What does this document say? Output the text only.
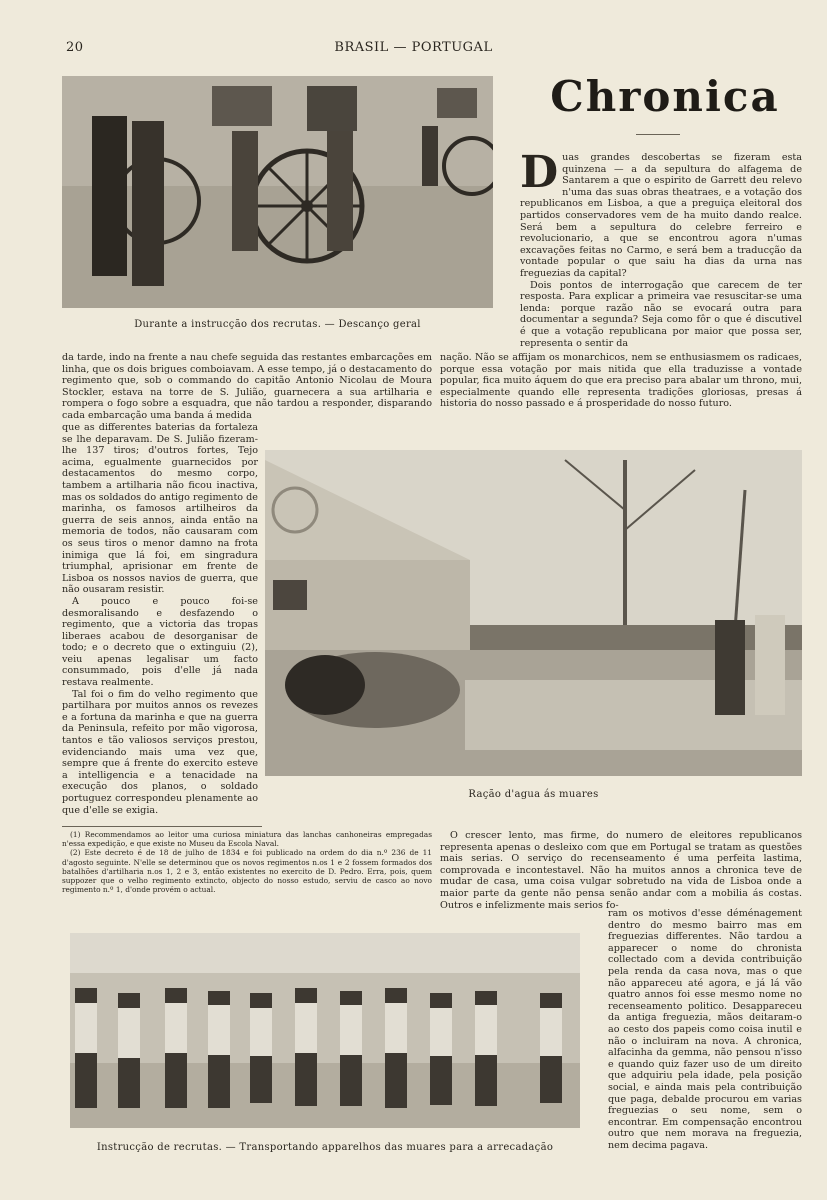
20	BRASIL — PORTUGAL
Durante a instrucção dos recrutas. — Descanço geral
Chronica
D uas grandes descobertas se fizeram esta quinzena — a da sepultura do alfagema de Santarem a que o espirito de Garrett deu relevo n'uma das suas obras theatraes, e a votação dos republicanos em Lisboa, a que a preguiça eleitoral dos partidos conservadores vem de ha muito dando realce. Será bem a sepultura do celebre ferreiro e revolucionario, a que se encontrou agora n'umas excavações feitas no Carmo, e será bem a traducção da vontade popular o que saiu ha dias da urna nas freguezias da capital?

Dois pontos de interrogação que carecem de ter resposta. Para explicar a primeira vae resuscitar-se uma lenda: porque razão não se evocará outra para documentar a segunda? Seja como fôr o que é discutivel é que a votação republicana por maior que possa ser, representa o sentir da

da tarde, indo na frente a nau chefe seguida das restantes embarcações em linha, que os dois brigues comboiavam. A esse tempo, já o destacamento do regimento que, sob o commando do capitão Antonio Nicolau de Moura Stockler, estava na torre de S. Julião, guarnecera a sua artilharia e rompera o fogo sobre a esquadra, que não tardou a responder, disparando cada embarcação uma banda á medida

nação. Não se affijam os monarchicos, nem se enthusiasmem os radicaes, porque essa votação por mais nitida que ella traduzisse a vontade popular, fica muito áquem do que era preciso para abalar um throno, mui, especialmente quando elle representa tradições gloriosas, presas á historia do nosso passado e á prosperidade do nosso futuro.

que as differentes baterias da fortaleza se lhe deparavam. De S. Julião fizeram-lhe 137 tiros; d'outros fortes, Tejo acima, egualmente guarnecidos por destacamentos do mesmo corpo, tambem a artilharia não ficou inactiva, mas os soldados do antigo regimento de marinha, os famosos artilheiros da guerra de seis annos, ainda então na memoria de todos, não causaram com os seus tiros o menor damno na frota inimiga que lá foi, em singradura triumphal, aprisionar em frente de Lisboa os nossos navios de guerra, que não ousaram resistir.

A pouco e pouco foi-se desmoralisando e desfazendo o regimento, que a victoria das tropas liberaes acabou de desorganisar de todo; e o decreto que o extinguiu (2), veiu apenas legalisar um facto consummado, pois d'elle já nada restava realmente.

Tal foi o fim do velho regimento que partilhara por muitos annos os revezes e a fortuna da marinha e que na guerra da Peninsula, refeito por mão vigorosa, tantos e tão valiosos serviços prestou, evidenciando mais uma vez que, sempre que á frente do exercito esteve a intelligencia e a tenacidade na execução dos planos, o soldado portuguez correspondeu plenamente ao que d'elle se exigia.

Ração d'agua ás muares

(1) Recommendamos ao leitor uma curiosa miniatura das lanchas canhoneiras empregadas n'essa expedição, e que existe no Museu da Escola Naval.

(2) Este decreto é de 18 de julho de 1834 e foi publicado na ordem do dia n.º 236 de 11 d'agosto seguinte. N'elle se determinou que os novos regimentos n.os 1 e 2 fossem formados dos batalhões d'artilharia n.os 1, 2 e 3, então existentes no exercito de D. Pedro. Erra, pois, quem suppozer que o velho regimento extincto, objecto do nosso estudo, serviu de casco ao novo regimento n.º 1, d'onde provém o actual.

O crescer lento, mas firme, do numero de eleitores republicanos representa apenas o desleixo com que em Portugal se tratam as questões mais serias. O serviço do recenseamento é uma perfeita lastima, comprovada e incontestavel. Não ha muitos annos a chronica teve de mudar de casa, uma coisa vulgar sobretudo na vida de Lisboa onde a maior parte da gente não pensa senão andar com a mobilia ás costas. Outros e infelizmente mais serios fo-

Instrucção de recrutas. — Transportando apparelhos das muares para a arrecadação

ram os motivos d'esse déménagement dentro do mesmo bairro mas em freguezias differentes. Não tardou a apparecer o nome do chronista collectado com a devida contribuição pela renda da casa nova, mas o que não appareceu até agora, e já lá vão quatro annos foi esse mesmo nome no recenseamento politico. Desappareceu da antiga freguezia, mãos deitaram-o ao cesto dos papeis como coisa inutil e não o incluiram na nova. A chronica, alfacinha da gemma, não pensou n'isso e quando quiz fazer uso de um direito que adquiriu pela idade, pela posição social, e ainda mais pela contribuição que paga, debalde procurou em varias freguezias o seu nome, sem o encontrar. Em compensação encontrou outro que nem morava na freguezia, nem decima pagava.
